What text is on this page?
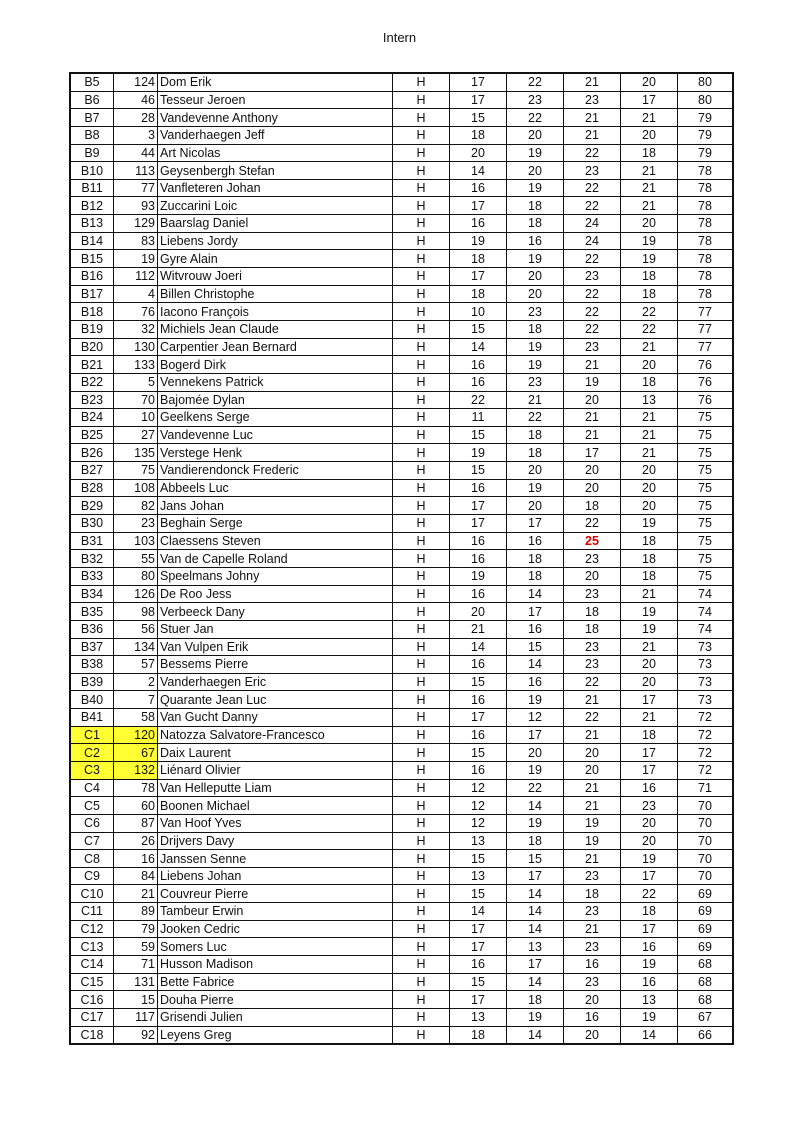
Intern
B5	124	Dom Erik	H	17	22	21	20	80
B6	46	Tesseur Jeroen	H	17	23	23	17	80
B7	28	Vandevenne Anthony	H	15	22	21	21	79
B8	3	Vanderhaegen Jeff	H	18	20	21	20	79
B9	44	Art Nicolas	H	20	19	22	18	79
B10	113	Geysenbergh Stefan	H	14	20	23	21	78
B11	77	Vanfleteren Johan	H	16	19	22	21	78
B12	93	Zuccarini Loic	H	17	18	22	21	78
B13	129	Baarslag Daniel	H	16	18	24	20	78
B14	83	Liebens Jordy	H	19	16	24	19	78
B15	19	Gyre Alain	H	18	19	22	19	78
B16	112	Witvrouw Joeri	H	17	20	23	18	78
B17	4	Billen Christophe	H	18	20	22	18	78
B18	76	Iacono François	H	10	23	22	22	77
B19	32	Michiels Jean Claude	H	15	18	22	22	77
B20	130	Carpentier Jean Bernard	H	14	19	23	21	77
B21	133	Bogerd Dirk	H	16	19	21	20	76
B22	5	Vennekens Patrick	H	16	23	19	18	76
B23	70	Bajomée Dylan	H	22	21	20	13	76
B24	10	Geelkens Serge	H	11	22	21	21	75
B25	27	Vandevenne Luc	H	15	18	21	21	75
B26	135	Verstege Henk	H	19	18	17	21	75
B27	75	Vandierendonck Frederic	H	15	20	20	20	75
B28	108	Abbeels Luc	H	16	19	20	20	75
B29	82	Jans Johan	H	17	20	18	20	75
B30	23	Beghain Serge	H	17	17	22	19	75
B31	103	Claessens Steven	H	16	16	25	18	75
B32	55	Van de Capelle Roland	H	16	18	23	18	75
B33	80	Speelmans Johny	H	19	18	20	18	75
B34	126	De Roo Jess	H	16	14	23	21	74
B35	98	Verbeeck Dany	H	20	17	18	19	74
B36	56	Stuer Jan	H	21	16	18	19	74
B37	134	Van Vulpen Erik	H	14	15	23	21	73
B38	57	Bessems Pierre	H	16	14	23	20	73
B39	2	Vanderhaegen Eric	H	15	16	22	20	73
B40	7	Quarante Jean Luc	H	16	19	21	17	73
B41	58	Van Gucht Danny	H	17	12	22	21	72
C1	120	Natozza Salvatore-Francesco	H	16	17	21	18	72
C2	67	Daix Laurent	H	15	20	20	17	72
C3	132	Liénard Olivier	H	16	19	20	17	72
C4	78	Van Helleputte Liam	H	12	22	21	16	71
C5	60	Boonen Michael	H	12	14	21	23	70
C6	87	Van Hoof Yves	H	12	19	19	20	70
C7	26	Drijvers Davy	H	13	18	19	20	70
C8	16	Janssen Senne	H	15	15	21	19	70
C9	84	Liebens Johan	H	13	17	23	17	70
C10	21	Couvreur Pierre	H	15	14	18	22	69
C11	89	Tambeur Erwin	H	14	14	23	18	69
C12	79	Jooken Cedric	H	17	14	21	17	69
C13	59	Somers Luc	H	17	13	23	16	69
C14	71	Husson Madison	H	16	17	16	19	68
C15	131	Bette Fabrice	H	15	14	23	16	68
C16	15	Douha Pierre	H	17	18	20	13	68
C17	117	Grisendi Julien	H	13	19	16	19	67
C18	92	Leyens Greg	H	18	14	20	14	66
